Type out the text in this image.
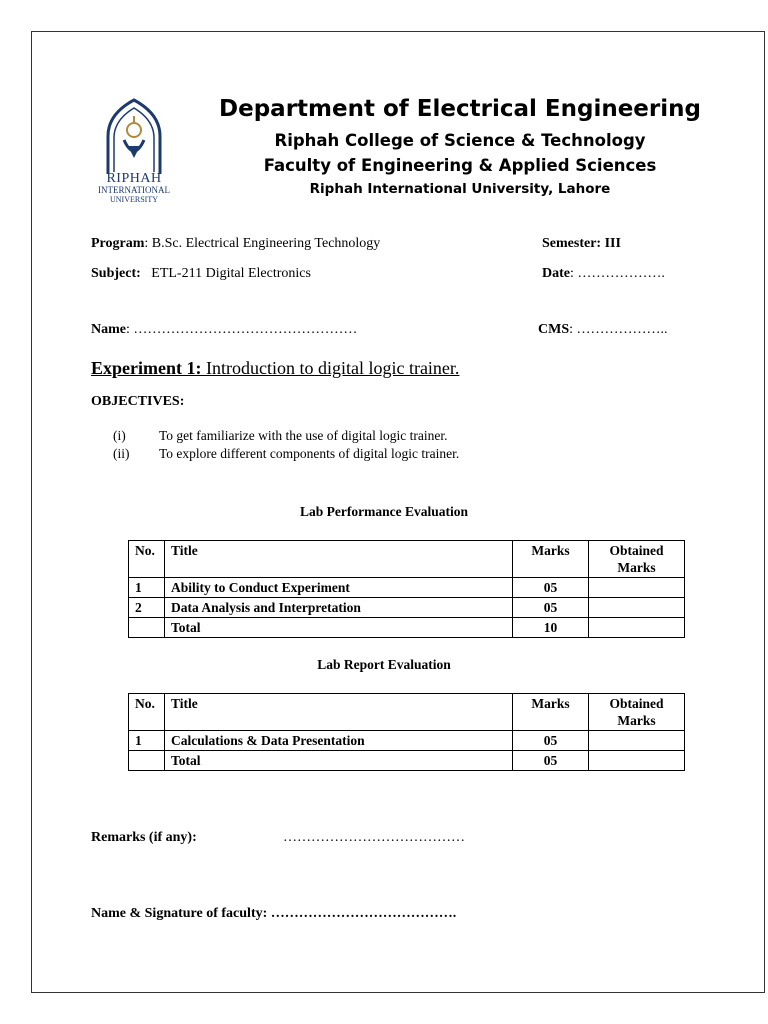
RIPHAH
INTERNATIONAL
UNIVERSITY
Department of Electrical Engineering
Riphah College of Science & Technology
Faculty of Engineering & Applied Sciences
Riphah International University, Lahore
Program: B.Sc. Electrical Engineering Technology	Semester: III
Subject: ETL-211 Digital Electronics	Date: ……………….
Name: …………………………………………	CMS: ………………..
Experiment 1: Introduction to digital logic trainer.
OBJECTIVES:
(i) To get familiarize with the use of digital logic trainer.
(ii) To explore different components of digital logic trainer.
Lab Performance Evaluation
No.	Title	Marks	Obtained Marks
1	Ability to Conduct Experiment	05	
2	Data Analysis and Interpretation	05	
	Total	10	
Lab Report Evaluation
No.	Title	Marks	Obtained Marks
1	Calculations & Data Presentation	05	
	Total	05	
Remarks (if any):	…………………………………
Name & Signature of faculty: ………………………………….
